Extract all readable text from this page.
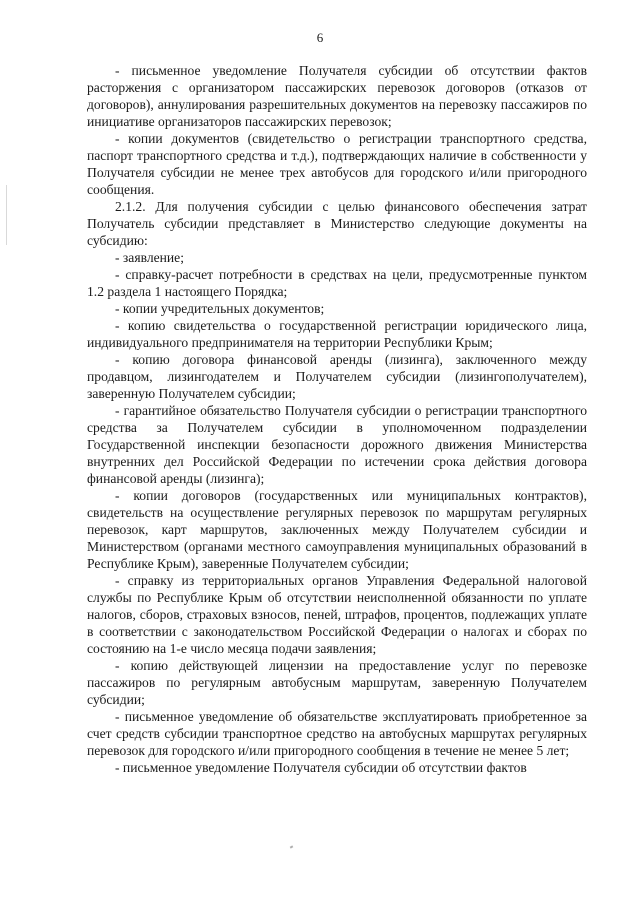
6

- письменное уведомление Получателя субсидии об отсутствии фактов расторжения с организатором пассажирских перевозок договоров (отказов от договоров), аннулирования разрешительных документов на перевозку пассажиров по инициативе организаторов пассажирских перевозок;

- копии документов (свидетельство о регистрации транспортного средства, паспорт транспортного средства и т.д.), подтверждающих наличие в собственности у Получателя субсидии не менее трех автобусов для городского и/или пригородного сообщения.

2.1.2. Для получения субсидии с целью финансового обеспечения затрат Получатель субсидии представляет в Министерство следующие документы на субсидию:

- заявление;

- справку-расчет потребности в средствах на цели, предусмотренные пунктом 1.2 раздела 1 настоящего Порядка;

- копии учредительных документов;

- копию свидетельства о государственной регистрации юридического лица, индивидуального предпринимателя на территории Республики Крым;

- копию договора финансовой аренды (лизинга), заключенного между продавцом, лизингодателем и Получателем субсидии (лизингополучателем), заверенную Получателем субсидии;

- гарантийное обязательство Получателя субсидии о регистрации транспортного средства за Получателем субсидии в уполномоченном подразделении Государственной инспекции безопасности дорожного движения Министерства внутренних дел Российской Федерации по истечении срока действия договора финансовой аренды (лизинга);

- копии договоров (государственных или муниципальных контрактов), свидетельств на осуществление регулярных перевозок по маршрутам регулярных перевозок, карт маршрутов, заключенных между Получателем субсидии и Министерством (органами местного самоуправления муниципальных образований в Республике Крым), заверенные Получателем субсидии;

- справку из территориальных органов Управления Федеральной налоговой службы по Республике Крым об отсутствии неисполненной обязанности по уплате налогов, сборов, страховых взносов, пеней, штрафов, процентов, подлежащих уплате в соответствии с законодательством Российской Федерации о налогах и сборах по состоянию на 1-е число месяца подачи заявления;

- копию действующей лицензии на предоставление услуг по перевозке пассажиров по регулярным автобусным маршрутам, заверенную Получателем субсидии;

- письменное уведомление об обязательстве эксплуатировать приобретенное за счет средств субсидии транспортное средство на автобусных маршрутах регулярных перевозок для городского и/или пригородного сообщения в течение не менее 5 лет;

- письменное уведомление Получателя субсидии об отсутствии фактов
